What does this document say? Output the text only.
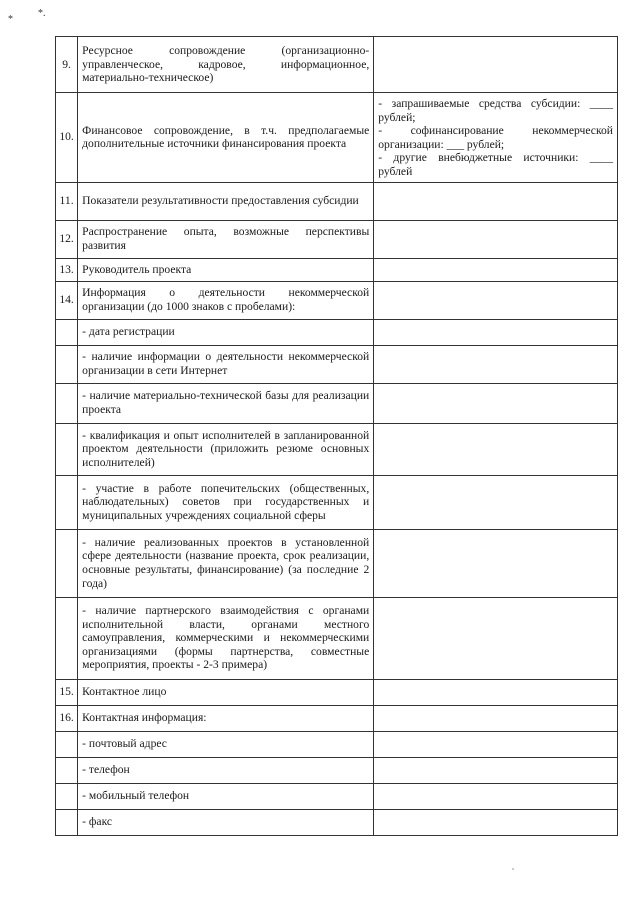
*
*.
9.	Ресурсное сопровождение (организационно-управленческое, кадровое, информационное, материально-техническое)	
10.	Финансовое сопровождение, в т.ч. предполагаемые дополнительные источники финансирования проекта	- запрашиваемые средства субсидии: ____ рублей;
- софинансирование некоммерческой организации: ___ рублей;
- другие внебюджетные источники: ____ рублей

11.	Показатели результативности предоставления субсидии	
12.	Распространение опыта, возможные перспективы развития	
13.	Руководитель проекта	
14.	Информация о деятельности некоммерческой организации (до 1000 знаков с пробелами):	
	- дата регистрации	
	- наличие информации о деятельности некоммерческой организации в сети Интернет	
	- наличие материально-технической базы для реализации проекта	
	- квалификация и опыт исполнителей в запланированной проектом деятельности (приложить резюме основных исполнителей)	
	- участие в работе попечительских (общественных, наблюдательных) советов при государственных и муниципальных учреждениях социальной сферы	
	- наличие реализованных проектов в установленной сфере деятельности (название проекта, срок реализации, основные результаты, финансирование) (за последние 2 года)	
	- наличие партнерского взаимодействия с органами исполнительной власти, органами местного самоуправления, коммерческими и некоммерческими организациями (формы партнерства, совместные мероприятия, проекты - 2-3 примера)	
15.	Контактное лицо	
16.	Контактная информация:	
	- почтовый адрес	
	- телефон	
	- мобильный телефон	
	- факс	
